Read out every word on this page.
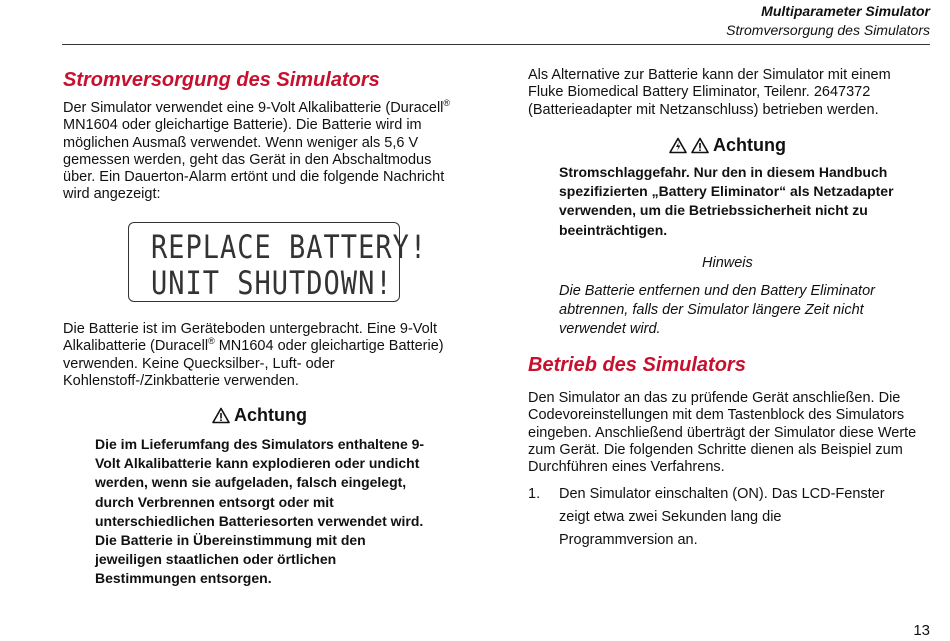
Multiparameter Simulator
Stromversorgung des Simulators
Stromversorgung des Simulators
Der Simulator verwendet eine 9-Volt Alkalibatterie (Duracell® MN1604 oder gleichartige Batterie). Die Batterie wird im möglichen Ausmaß verwendet. Wenn weniger als 5,6 V gemessen werden, geht das Gerät in den Abschaltmodus über. Ein Dauerton-Alarm ertönt und die folgende Nachricht wird angezeigt:
REPLACE BATTERY!
UNIT SHUTDOWN!
Die Batterie ist im Geräteboden untergebracht. Eine 9-Volt Alkalibatterie (Duracell® MN1604 oder gleichartige Batterie) verwenden. Keine Quecksilber-, Luft- oder Kohlenstoff-/Zinkbatterie verwenden.
Achtung
Die im Lieferumfang des Simulators enthaltene 9-Volt Alkalibatterie kann explodieren oder undicht werden, wenn sie aufgeladen, falsch eingelegt, durch Verbrennen entsorgt oder mit unterschiedlichen Batteriesorten verwendet wird. Die Batterie in Übereinstimmung mit den jeweiligen staatlichen oder örtlichen Bestimmungen entsorgen.
Als Alternative zur Batterie kann der Simulator mit einem Fluke Biomedical Battery Eliminator, Teilenr. 2647372 (Batterieadapter mit Netzanschluss) betrieben werden.
Achtung
Stromschlaggefahr. Nur den in diesem Handbuch spezifizierten „Battery Eliminator“ als Netzadapter verwenden, um die Betriebssicherheit nicht zu beeinträchtigen.
Hinweis
Die Batterie entfernen und den Battery Eliminator abtrennen, falls der Simulator längere Zeit nicht verwendet wird.
Betrieb des Simulators
Den Simulator an das zu prüfende Gerät anschließen. Die Codevoreinstellungen mit dem Tastenblock des Simulators eingeben. Anschließend überträgt der Simulator diese Werte zum Gerät. Die folgenden Schritte dienen als Beispiel zum Durchführen eines Verfahrens.
1. Den Simulator einschalten (ON). Das LCD-Fenster zeigt etwa zwei Sekunden lang die Programmversion an.
13
